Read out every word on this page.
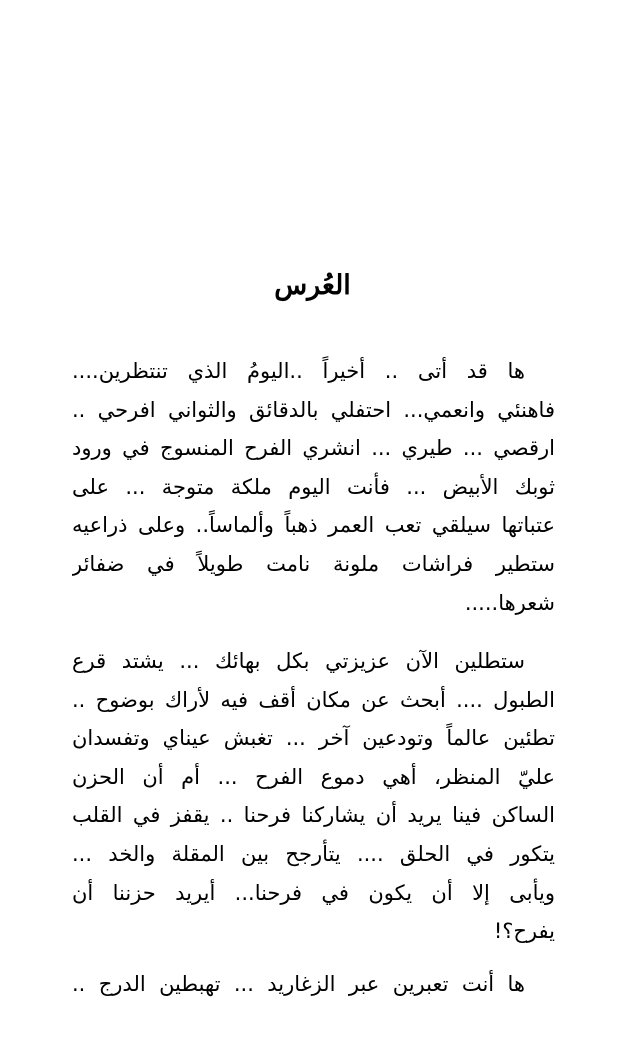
العُرس
ها قد أتى .. أخيراً ..اليومُ الذي تنتظرين....
فاهنئي وانعمي... احتفلي بالدقائق والثواني افرحي ..
ارقصي ... طيري ... انشري الفرح المنسوج في ورود
ثوبك الأبيض ... فأنت اليوم ملكة متوجة ... على
عتباتها سيلقي تعب العمر ذهباً وألماساً.. وعلى ذراعيه
ستطير فراشات ملونة نامت طويلاً في ضفائر
شعرها.....
ستطلين الآن عزيزتي بكل بهائك ... يشتد قرع
الطبول .... أبحث عن مكان أقف فيه لأراك بوضوح ..
تطئين عالماً وتودعين آخر ... تغبش عيناي وتفسدان
عليّ المنظر، أهي دموع الفرح ... أم أن الحزن
الساكن فينا يريد أن يشاركنا فرحنا .. يقفز في القلب
يتكور في الحلق .... يتأرجح بين المقلة والخد ...
ويأبى إلا أن يكون في فرحنا... أيريد حزننا أن
يفرح؟!
ها أنت تعبرين عبر الزغاريد ... تهبطين الدرج ..
